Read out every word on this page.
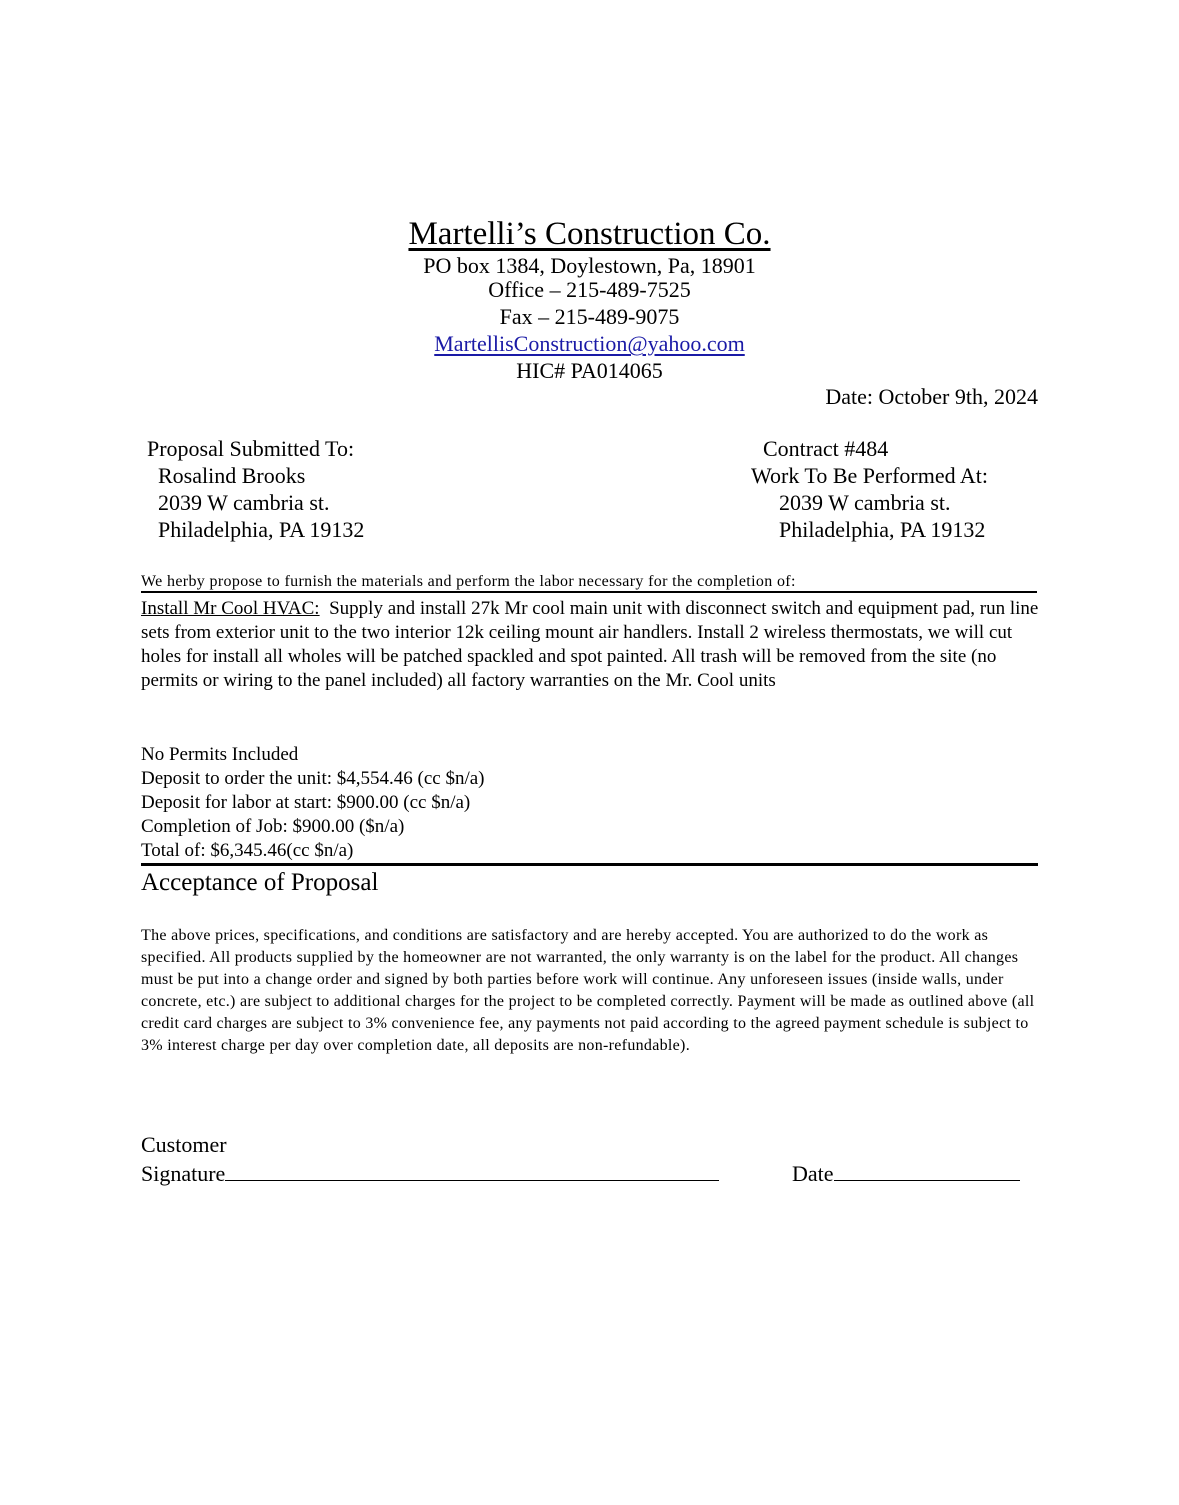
Martelli’s Construction Co.
PO box 1384, Doylestown, Pa, 18901
Office – 215-489-7525
Fax – 215-489-9075
MartellisConstruction@yahoo.com
HIC# PA014065
Date: October 9th, 2024
Proposal Submitted To:
Rosalind Brooks
2039 W cambria st.
Philadelphia, PA 19132
Contract #484
Work To Be Performed At:
2039 W cambria st.
Philadelphia, PA 19132
We herby propose to furnish the materials and perform the labor necessary for the completion of:
Install Mr Cool HVAC: Supply and install 27k Mr cool main unit with disconnect switch and equipment pad, run line sets from exterior unit to the two interior 12k ceiling mount air handlers. Install 2 wireless thermostats, we will cut holes for install all wholes will be patched spackled and spot painted. All trash will be removed from the site (no permits or wiring to the panel included) all factory warranties on the Mr. Cool units
No Permits Included
Deposit to order the unit: $4,554.46 (cc $n/a)
Deposit for labor at start: $900.00 (cc $n/a)
Completion of Job: $900.00 ($n/a)
Total of: $6,345.46(cc $n/a)
Acceptance of Proposal
The above prices, specifications, and conditions are satisfactory and are hereby accepted. You are authorized to do the work as specified. All products supplied by the homeowner are not warranted, the only warranty is on the label for the product. All changes must be put into a change order and signed by both parties before work will continue. Any unforeseen issues (inside walls, under concrete, etc.) are subject to additional charges for the project to be completed correctly. Payment will be made as outlined above (all credit card charges are subject to 3% convenience fee, any payments not paid according to the agreed payment schedule is subject to 3% interest charge per day over completion date, all deposits are non-refundable).
Customer
Signature	Date
